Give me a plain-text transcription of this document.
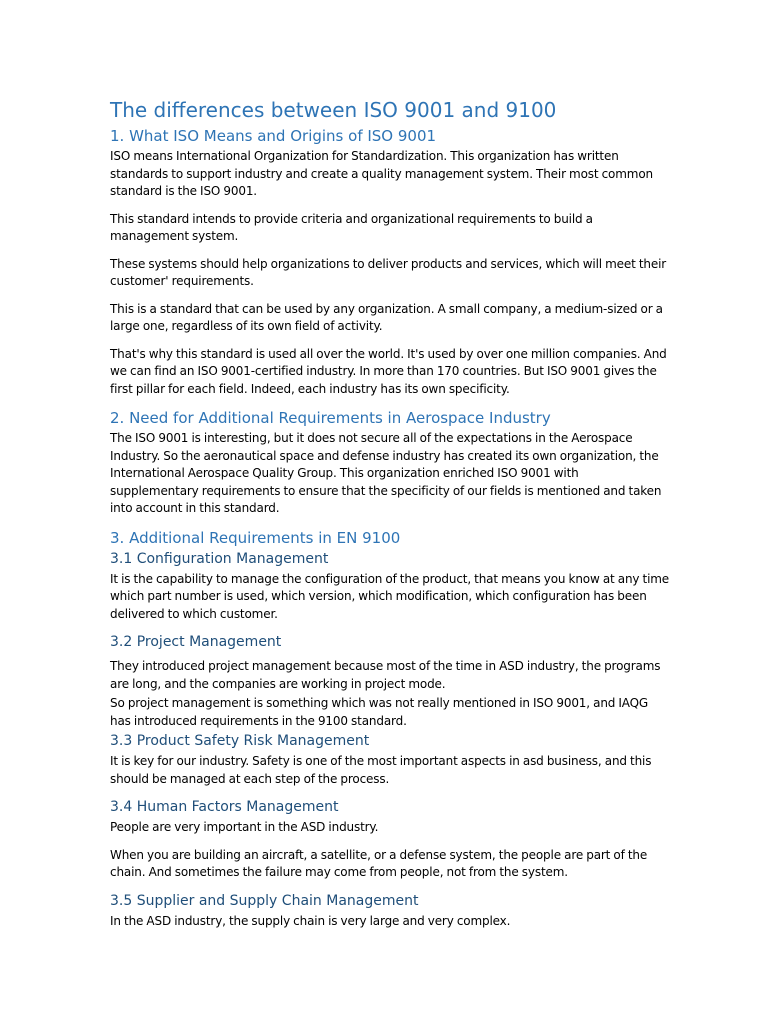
The differences between ISO 9001 and 9100
1. What ISO Means and Origins of ISO 9001

ISO means International Organization for Standardization. This organization has written standards to support industry and create a quality management system. Their most common standard is the ISO 9001.

This standard intends to provide criteria and organizational requirements to build a management system.

These systems should help organizations to deliver products and services, which will meet their customer' requirements.

This is a standard that can be used by any organization. A small company, a medium-sized or a large one, regardless of its own field of activity.

That's why this standard is used all over the world. It's used by over one million companies. And we can find an ISO 9001-certified industry. In more than 170 countries. But ISO 9001 gives the first pillar for each field. Indeed, each industry has its own specificity.

2. Need for Additional Requirements in Aerospace Industry

The ISO 9001 is interesting, but it does not secure all of the expectations in the Aerospace Industry. So the aeronautical space and defense industry has created its own organization, the International Aerospace Quality Group. This organization enriched ISO 9001 with supplementary requirements to ensure that the specificity of our fields is mentioned and taken into account in this standard.

3. Additional Requirements in EN 9100
3.1 Configuration Management

It is the capability to manage the configuration of the product, that means you know at any time which part number is used, which version, which modification, which configuration has been delivered to which customer.

3.2 Project Management

They introduced project management because most of the time in ASD industry, the programs are long, and the companies are working in project mode.

So project management is something which was not really mentioned in ISO 9001, and IAQG has introduced requirements in the 9100 standard.

3.3 Product Safety Risk Management

It is key for our industry. Safety is one of the most important aspects in asd business, and this should be managed at each step of the process.

3.4 Human Factors Management

People are very important in the ASD industry.

When you are building an aircraft, a satellite, or a defense system, the people are part of the chain. And sometimes the failure may come from people, not from the system.

3.5 Supplier and Supply Chain Management

In the ASD industry, the supply chain is very large and very complex.
